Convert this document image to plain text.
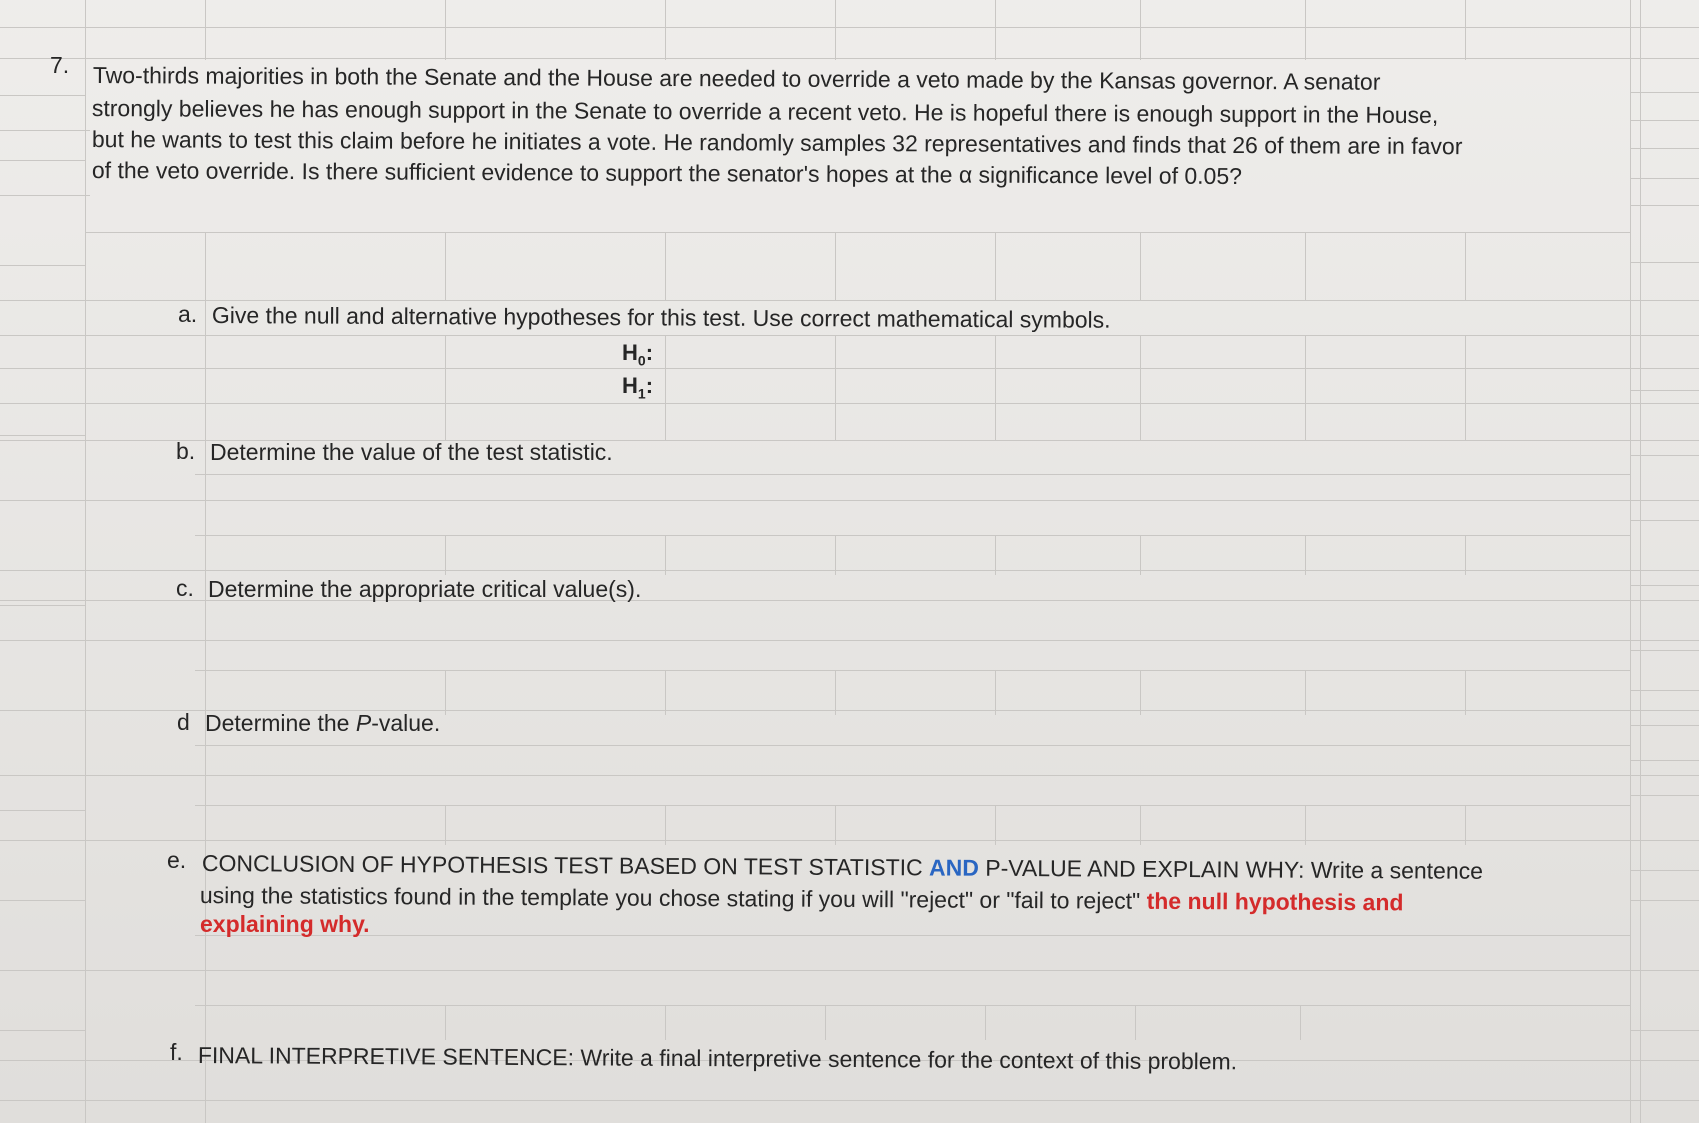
7. Two-thirds majorities in both the Senate and the House are needed to override a veto made by the Kansas governor. A senator
strongly believes he has enough support in the Senate to override a recent veto. He is hopeful there is enough support in the House,
but he wants to test this claim before he initiates a vote. He randomly samples 32 representatives and finds that 26 of them are in favor
of the veto override. Is there sufficient evidence to support the senator's hopes at the α significance level of 0.05?
a. Give the null and alternative hypotheses for this test. Use correct mathematical symbols.
$H_0$:
$H_1$:
b. Determine the value of the test statistic.
c. Determine the appropriate critical value(s).
d Determine the P-value.
e. CONCLUSION OF HYPOTHESIS TEST BASED ON TEST STATISTIC AND P-VALUE AND EXPLAIN WHY: Write a sentence
using the statistics found in the template you chose stating if you will "reject" or "fail to reject" the null hypothesis and
explaining why.
f. FINAL INTERPRETIVE SENTENCE: Write a final interpretive sentence for the context of this problem.
